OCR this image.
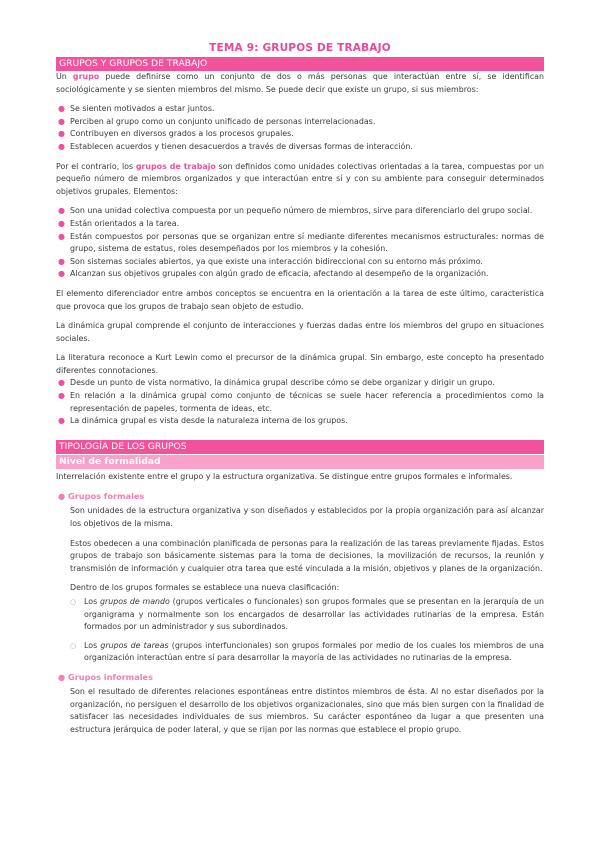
TEMA 9: GRUPOS DE TRABAJO
GRUPOS Y GRUPOS DE TRABAJO

Un grupo puede definirse como un conjunto de dos o más personas que interactúan entre sí, se identifican sociológicamente y se sienten miembros del mismo. Se puede decir que existe un grupo, si sus miembros:

● Se sienten motivados a estar juntos.
● Perciben al grupo como un conjunto unificado de personas interrelacionadas.
● Contribuyen en diversos grados a los procesos grupales.
● Establecen acuerdos y tienen desacuerdos a través de diversas formas de interacción.

Por el contrario, los grupos de trabajo son definidos como unidades colectivas orientadas a la tarea, compuestas por un pequeño número de miembros organizados y que interactúan entre sí y con su ambiente para conseguir determinados objetivos grupales. Elementos:

● Son una unidad colectiva compuesta por un pequeño número de miembros, sirve para diferenciarlo del grupo social.
● Están orientados a la tarea.
● Están compuestos por personas que se organizan entre sí mediante diferentes mecanismos estructurales: normas de grupo, sistema de estatus, roles desempeñados por los miembros y la cohesión.
● Son sistemas sociales abiertos, ya que existe una interacción bidireccional con su entorno más próximo.
● Alcanzan sus objetivos grupales con algún grado de eficacia, afectando al desempeño de la organización.

El elemento diferenciador entre ambos conceptos se encuentra en la orientación a la tarea de este último, característica que provoca que los grupos de trabajo sean objeto de estudio.

La dinámica grupal comprende el conjunto de interacciones y fuerzas dadas entre los miembros del grupo en situaciones sociales.

La literatura reconoce a Kurt Lewin como el precursor de la dinámica grupal. Sin embargo, este concepto ha presentado diferentes connotaciones.

● Desde un punto de vista normativo, la dinámica grupal describe cómo se debe organizar y dirigir un grupo.
● En relación a la dinámica grupal como conjunto de técnicas se suele hacer referencia a procedimientos como la representación de papeles, tormenta de ideas, etc.
● La dinámica grupal es vista desde la naturaleza interna de los grupos.
TIPOLOGÍA DE LOS GRUPOS
Nivel de formalidad

Interrelación existente entre el grupo y la estructura organizativa. Se distingue entre grupos formales e informales.

● Grupos formales

Son unidades de la estructura organizativa y son diseñados y establecidos por la propia organización para así alcanzar los objetivos de la misma.

Estos obedecen a una combinación planificada de personas para la realización de las tareas previamente fijadas. Estos grupos de trabajo son básicamente sistemas para la toma de decisiones, la movilización de recursos, la reunión y transmisión de información y cualquier otra tarea que esté vinculada a la misión, objetivos y planes de la organización.

Dentro de los grupos formales se establece una nueva clasificación:

○ Los grupos de mando (grupos verticales o funcionales) son grupos formales que se presentan en la jerarquía de un organigrama y normalmente son los encargados de desarrollar las actividades rutinarias de la empresa. Están formados por un administrador y sus subordinados.
○ Los grupos de tareas (grupos interfuncionales) son grupos formales por medio de los cuales los miembros de una organización interactúan entre sí para desarrollar la mayoría de las actividades no rutinarias de la empresa.
● Grupos informales

Son el resultado de diferentes relaciones espontáneas entre distintos miembros de ésta. Al no estar diseñados por la organización, no persiguen el desarrollo de los objetivos organizacionales, sino que más bien surgen con la finalidad de satisfacer las necesidades individuales de sus miembros. Su carácter espontáneo da lugar a que presenten una estructura jerárquica de poder lateral, y que se rijan por las normas que establece el propio grupo.
